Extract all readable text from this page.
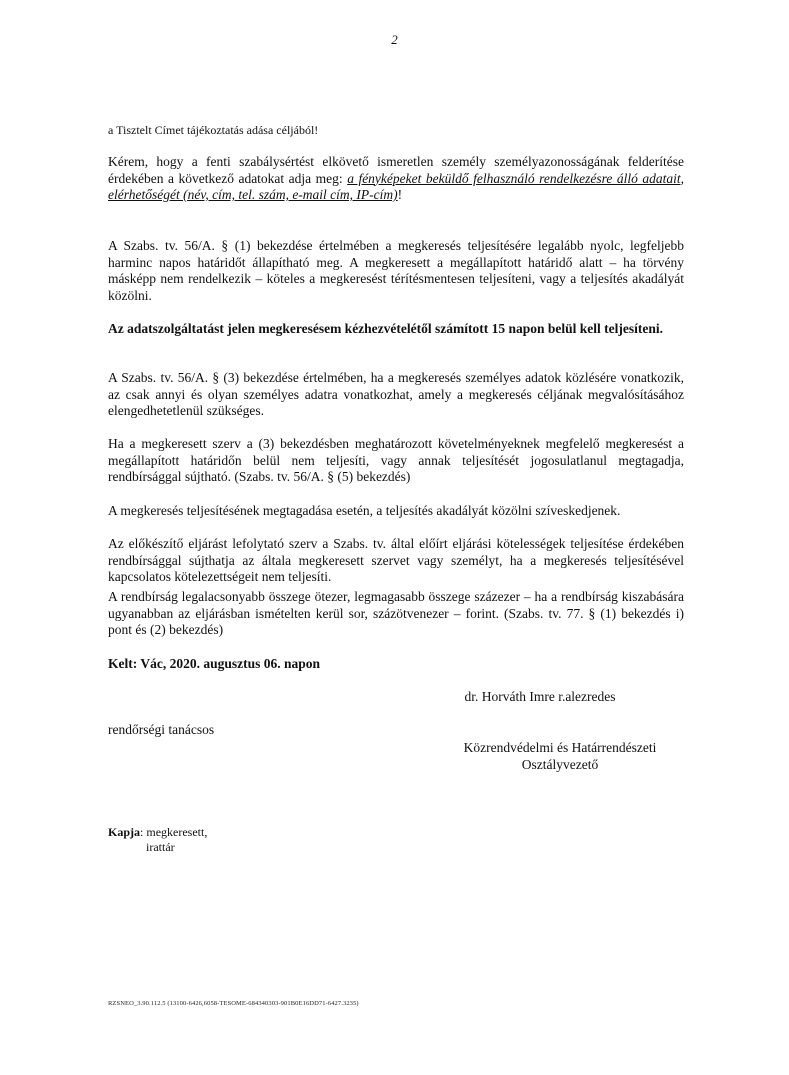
2
a Tisztelt Címet tájékoztatás adása céljából!
Kérem, hogy a fenti szabálysértést elkövető ismeretlen személy személyazonosságának felderítése érdekében a következő adatokat adja meg: a fényképeket beküldő felhasználó rendelkezésre álló adatait, elérhetőségét (név, cím, tel. szám, e-mail cím, IP-cím)!
A Szabs. tv. 56/A. § (1) bekezdése értelmében a megkeresés teljesítésére legalább nyolc, legfeljebb harminc napos határidőt állapítható meg. A megkeresett a megállapított határidő alatt – ha törvény másképp nem rendelkezik – köteles a megkeresést térítésmentesen teljesíteni, vagy a teljesítés akadályát közölni.
Az adatszolgáltatást jelen megkeresésem kézhezvételétől számított 15 napon belül kell teljesíteni.
A Szabs. tv. 56/A. § (3) bekezdése értelmében, ha a megkeresés személyes adatok közlésére vonatkozik, az csak annyi és olyan személyes adatra vonatkozhat, amely a megkeresés céljának megvalósításához elengedhetetlenül szükséges.
Ha a megkeresett szerv a (3) bekezdésben meghatározott követelményeknek megfelelő megkeresést a megállapított határidőn belül nem teljesíti, vagy annak teljesítését jogosulatlanul megtagadja, rendbírsággal sújtható. (Szabs. tv. 56/A. § (5) bekezdés)
A megkeresés teljesítésének megtagadása esetén, a teljesítés akadályát közölni szíveskedjenek.
Az előkészítő eljárást lefolytató szerv a Szabs. tv. által előírt eljárási kötelességek teljesítése érdekében rendbírsággal sújthatja az általa megkeresett szervet vagy személyt, ha a megkeresés teljesítésével kapcsolatos kötelezettségeit nem teljesíti.
A rendbírság legalacsonyabb összege ötezer, legmagasabb összege százezer – ha a rendbírság kiszabására ugyanabban az eljárásban ismételten kerül sor, százötvenezer – forint. (Szabs. tv. 77. § (1) bekezdés i) pont és (2) bekezdés)
Kelt: Vác, 2020. augusztus 06. napon
dr. Horváth Imre r.alezredes
rendőrségi tanácsos
Közrendvédelmi és Határrendészeti
Osztályvezető
Kapja: megkeresett,
irattár
RZSNEO_3.90.112.5 (13100-6426,6058-TESOME-684340303-901B0E16DD71-6427.3235)
